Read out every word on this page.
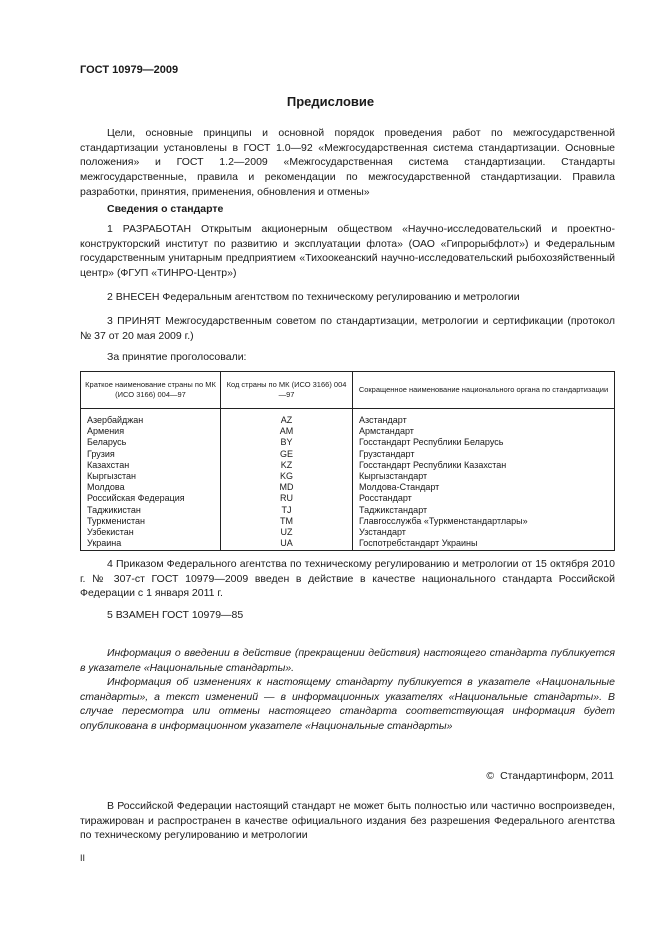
ГОСТ 10979—2009
Предисловие

Цели, основные принципы и основной порядок проведения работ по межгосударственной стандартизации установлены в ГОСТ 1.0—92 «Межгосударственная система стандартизации. Основные положения» и ГОСТ 1.2—2009 «Межгосударственная система стандартизации. Стандарты межгосударственные, правила и рекомендации по межгосударственной стандартизации. Правила разработки, принятия, применения, обновления и отмены»

Сведения о стандарте

1 РАЗРАБОТАН Открытым акционерным обществом «Научно-исследовательский и проектно-конструкторский институт по развитию и эксплуатации флота» (ОАО «Гипрорыбфлот») и Федеральным государственным унитарным предприятием «Тихоокеанский научно-исследовательский рыбохозяйственный центр» (ФГУП «ТИНРО-Центр»)

2 ВНЕСЕН Федеральным агентством по техническому регулированию и метрологии

3 ПРИНЯТ Межгосударственным советом по стандартизации, метрологии и сертификации (протокол № 37 от 20 мая 2009 г.)

За принятие проголосовали:
Краткое наименование страны по МК (ИСО 3166) 004—97	Код страны по МК (ИСО 3166) 004—97	Сокращенное наименование национального органа по стандартизации
Азербайджан	AZ	Азстандарт
Армения	AM	Армстандарт
Беларусь	BY	Госстандарт Республики Беларусь
Грузия	GE	Грузстандарт
Казахстан	KZ	Госстандарт Республики Казахстан
Кыргызстан	KG	Кыргызстандарт
Молдова	MD	Молдова-Стандарт
Российская Федерация	RU	Росстандарт
Таджикистан	TJ	Таджикстандарт
Туркменистан	TM	Главгосслужба «Туркменстандартлары»
Узбекистан	UZ	Узстандарт
Украина	UA	Госпотребстандарт Украины

4 Приказом Федерального агентства по техническому регулированию и метрологии от 15 октября 2010 г. № 307-ст ГОСТ 10979—2009 введен в действие в качестве национального стандарта Российской Федерации с 1 января 2011 г.

5 ВЗАМЕН ГОСТ 10979—85

Информация о введении в действие (прекращении действия) настоящего стандарта публикуется в указателе «Национальные стандарты».

Информация об изменениях к настоящему стандарту публикуется в указателе «Национальные стандарты», а текст изменений — в информационных указателях «Национальные стандарты». В случае пересмотра или отмены настоящего стандарта соответствующая информация будет опубликована в информационном указателе «Национальные стандарты»

© Стандартинформ, 2011

В Российской Федерации настоящий стандарт не может быть полностью или частично воспроизведен, тиражирован и распространен в качестве официального издания без разрешения Федерального агентства по техническому регулированию и метрологии

II
